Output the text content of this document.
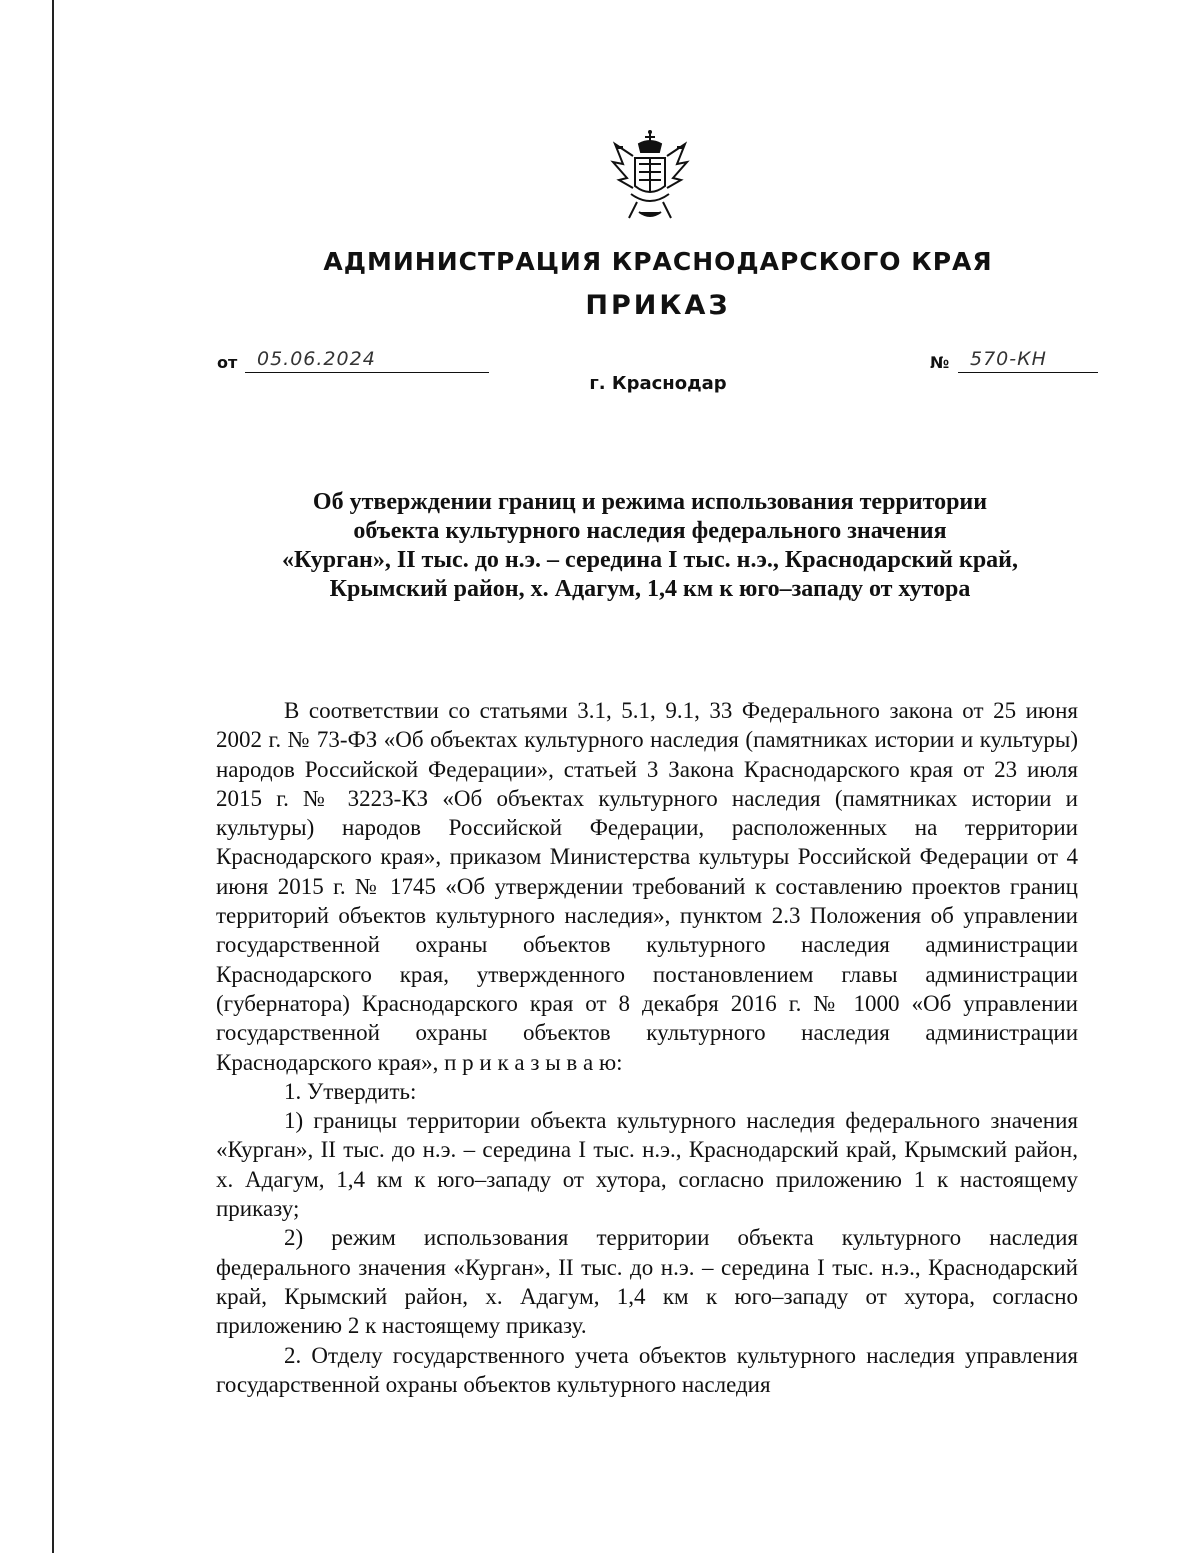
АДМИНИСТРАЦИЯ КРАСНОДАРСКОГО КРАЯ
ПРИКАЗ
от 05.06.2024	№ 570-КН
г. Краснодар
Об утверждении границ и режима использования территории
объекта культурного наследия федерального значения
«Курган», II тыс. до н.э. – середина I тыс. н.э., Краснодарский край,
Крымский район, х. Адагум, 1,4 км к юго–западу от хутора

В соответствии со статьями 3.1, 5.1, 9.1, 33 Федерального закона от 25 июня 2002 г. № 73-ФЗ «Об объектах культурного наследия (памятниках истории и культуры) народов Российской Федерации», статьей 3 Закона Краснодарского края от 23 июля 2015 г. № 3223-КЗ «Об объектах культурного наследия (памятниках истории и культуры) народов Российской Федерации, расположенных на территории Краснодарского края», приказом Министерства культуры Российской Федерации от 4 июня 2015 г. № 1745 «Об утверждении требований к составлению проектов границ территорий объектов культурного наследия», пунктом 2.3 Положения об управлении государственной охраны объектов культурного наследия администрации Краснодарского края, утвержденного постановлением главы администрации (губернатора) Краснодарского края от 8 декабря 2016 г. № 1000 «Об управлении государственной охраны объектов культурного наследия администрации Краснодарского края», п р и к а з ы в а ю:

1. Утвердить:

1) границы территории объекта культурного наследия федерального значения «Курган», II тыс. до н.э. – середина I тыс. н.э., Краснодарский край, Крымский район, х. Адагум, 1,4 км к юго–западу от хутора, согласно приложению 1 к настоящему приказу;

2) режим использования территории объекта культурного наследия федерального значения «Курган», II тыс. до н.э. – середина I тыс. н.э., Краснодарский край, Крымский район, х. Адагум, 1,4 км к юго–западу от хутора, согласно приложению 2 к настоящему приказу.

2. Отделу государственного учета объектов культурного наследия управления государственной охраны объектов культурного наследия
